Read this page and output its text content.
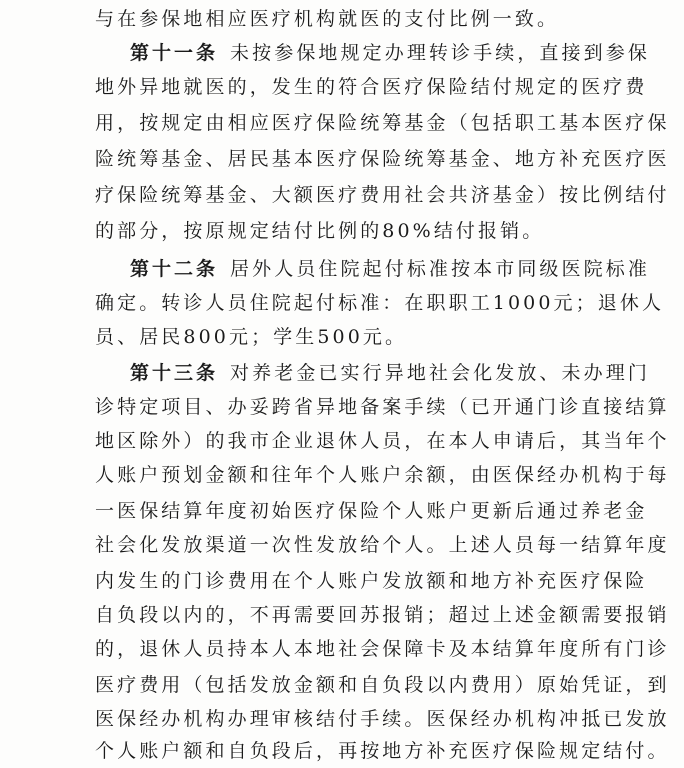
与在参保地相应医疗机构就医的支付比例一致。
第十一条 未按参保地规定办理转诊手续，直接到参保
地外异地就医的，发生的符合医疗保险结付规定的医疗费
用，按规定由相应医疗保险统筹基金（包括职工基本医疗保
险统筹基金、居民基本医疗保险统筹基金、地方补充医疗医
疗保险统筹基金、大额医疗费用社会共济基金）按比例结付
的部分，按原规定结付比例的80%结付报销。
第十二条 居外人员住院起付标准按本市同级医院标准
确定。转诊人员住院起付标准：在职职工1000元；退休人
员、居民800元；学生500元。
第十三条 对养老金已实行异地社会化发放、未办理门
诊特定项目、办妥跨省异地备案手续（已开通门诊直接结算
地区除外）的我市企业退休人员，在本人申请后，其当年个
人账户预划金额和往年个人账户余额，由医保经办机构于每
一医保结算年度初始医疗保险个人账户更新后通过养老金
社会化发放渠道一次性发放给个人。上述人员每一结算年度
内发生的门诊费用在个人账户发放额和地方补充医疗保险
自负段以内的，不再需要回苏报销；超过上述金额需要报销
的，退休人员持本人本地社会保障卡及本结算年度所有门诊
医疗费用（包括发放金额和自负段以内费用）原始凭证，到
医保经办机构办理审核结付手续。医保经办机构冲抵已发放
个人账户额和自负段后，再按地方补充医疗保险规定结付。
